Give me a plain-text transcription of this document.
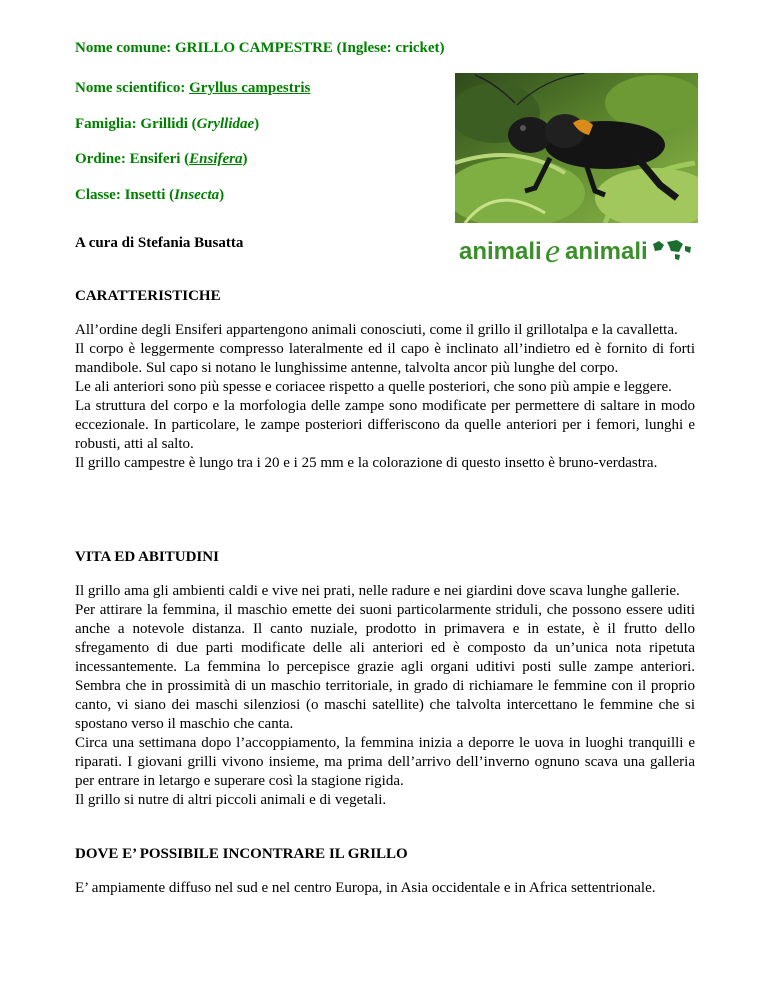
Nome comune: GRILLO CAMPESTRE (Inglese: cricket)
Nome scientifico: Gryllus campestris
Famiglia: Grillidi (Gryllidae)
Ordine: Ensiferi (Ensifera)
Classe: Insetti (Insecta)
A cura di Stefania Busatta	animali e animali
CARATTERISTICHE

All’ordine degli Ensiferi appartengono animali conosciuti, come il grillo il grillotalpa e la cavalletta.

Il corpo è leggermente compresso lateralmente ed il capo è inclinato all’indietro ed è fornito di forti mandibole. Sul capo si notano le lunghissime antenne, talvolta ancor più lunghe del corpo.

Le ali anteriori sono più spesse e coriacee rispetto a quelle posteriori, che sono più ampie e leggere.

La struttura del corpo e la morfologia delle zampe sono modificate per permettere di saltare in modo eccezionale. In particolare, le zampe posteriori differiscono da quelle anteriori per i femori, lunghi e robusti, atti al salto.

Il grillo campestre è lungo tra i 20 e i 25 mm e la colorazione di questo insetto è bruno-verdastra.

VITA ED ABITUDINI

Il grillo ama gli ambienti caldi e vive nei prati, nelle radure e nei giardini dove scava lunghe gallerie.

Per attirare la femmina, il maschio emette dei suoni particolarmente striduli, che possono essere uditi anche a notevole distanza. Il canto nuziale, prodotto in primavera e in estate, è il frutto dello sfregamento di due parti modificate delle ali anteriori ed è composto da un’unica nota ripetuta incessantemente. La femmina lo percepisce grazie agli organi uditivi posti sulle zampe anteriori. Sembra che in prossimità di un maschio territoriale, in grado di richiamare le femmine con il proprio canto, vi siano dei maschi silenziosi (o maschi satellite) che talvolta intercettano le femmine che si spostano verso il maschio che canta.

Circa una settimana dopo l’accoppiamento, la femmina inizia a deporre le uova in luoghi tranquilli e riparati. I giovani grilli vivono insieme, ma prima dell’arrivo dell’inverno ognuno scava una galleria per entrare in letargo e superare così la stagione rigida.

Il grillo si nutre di altri piccoli animali e di vegetali.

DOVE E’ POSSIBILE INCONTRARE IL GRILLO

E’ ampiamente diffuso nel sud e nel centro Europa, in Asia occidentale e in Africa settentrionale.
